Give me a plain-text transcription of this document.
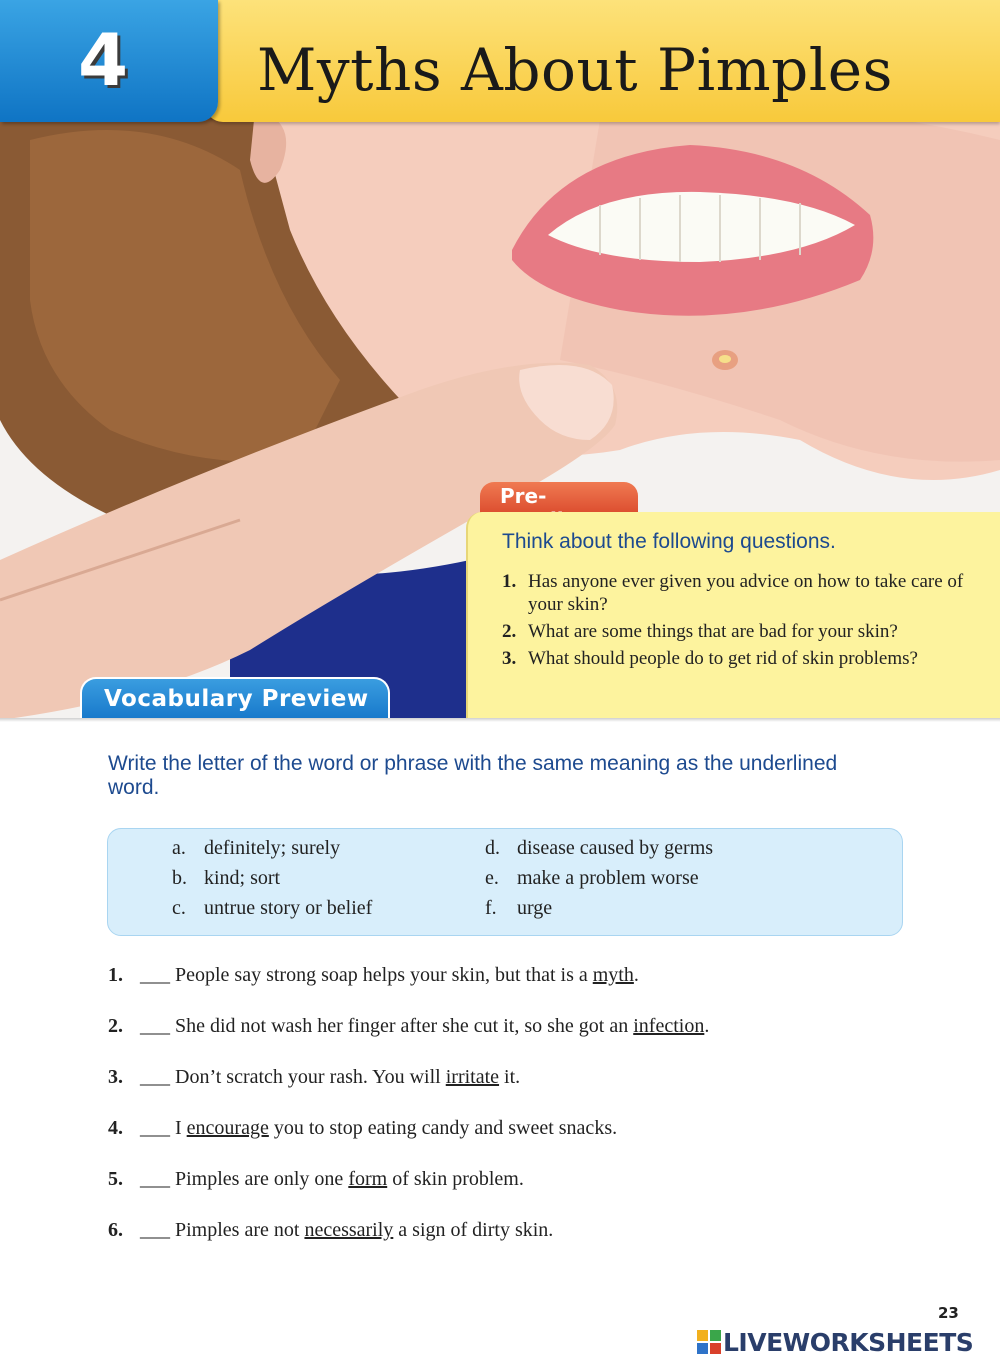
Myths About Pimples
4
Pre-
Think about the following questions.
1. Has anyone ever given you advice on how to take care of your skin?
2. What are some things that are bad for your skin?
3. What should people do to get rid of skin problems?
Vocabulary Preview
Write the letter of the word or phrase with the same meaning as the underlined word.
a. definitely; surely
b. kind; sort
c. untrue story or belief
d. disease caused by germs
e. make a problem worse
f. urge
1. ___ People say strong soap helps your skin, but that is a myth.
2. ___ She did not wash her finger after she cut it, so she got an infection.
3. ___ Don’t scratch your rash. You will irritate it.
4. ___ I encourage you to stop eating candy and sweet snacks.
5. ___ Pimples are only one form of skin problem.
6. ___ Pimples are not necessarily a sign of dirty skin.
23
LIVEWORKSHEETS
